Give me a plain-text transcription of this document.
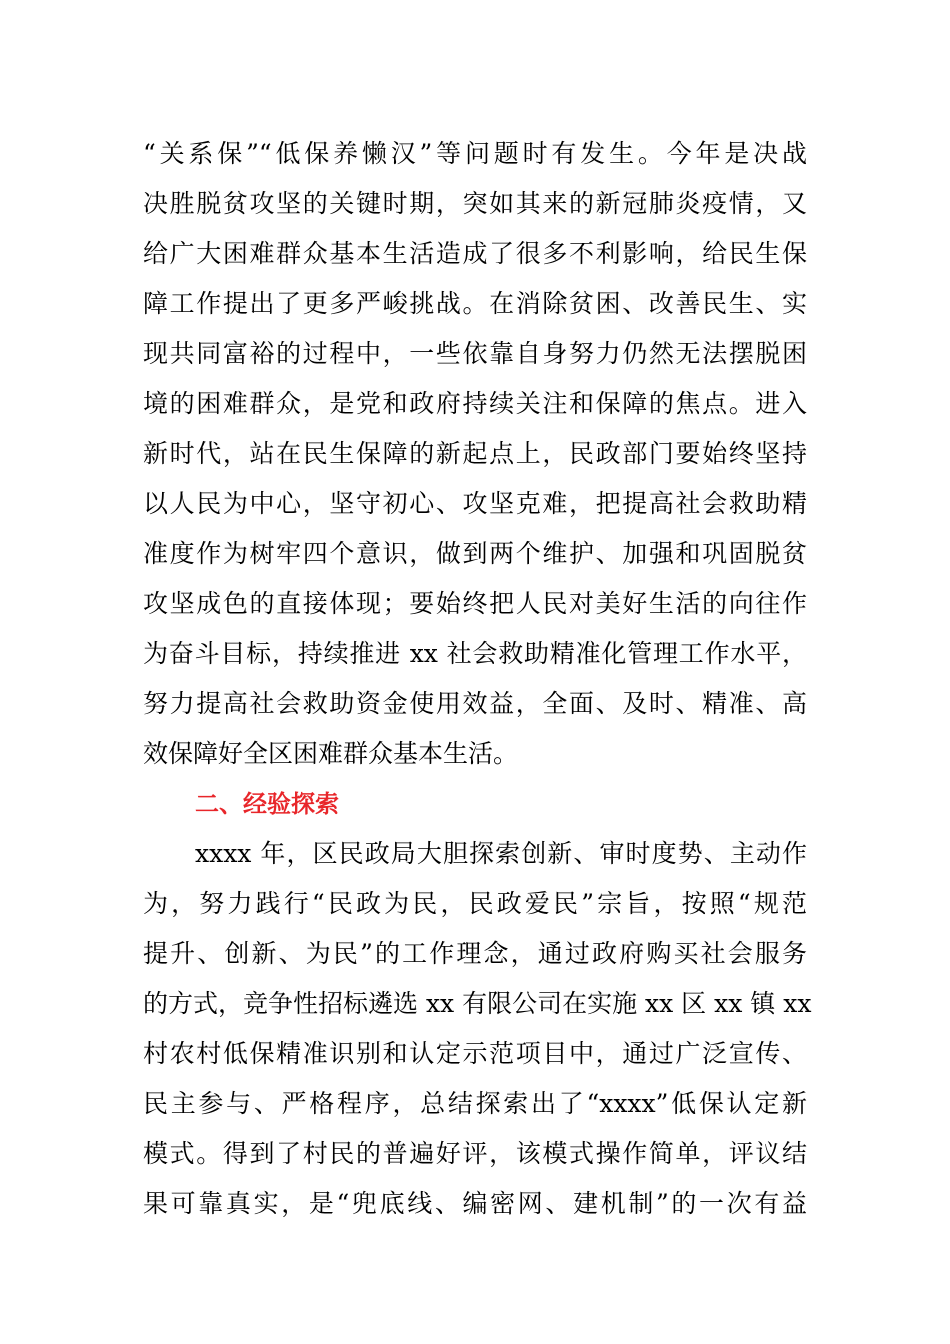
“关系保”“低保养懒汉”等问题时有发生。今年是决战
决胜脱贫攻坚的关键时期，突如其来的新冠肺炎疫情，又
给广大困难群众基本生活造成了很多不利影响，给民生保
障工作提出了更多严峻挑战。在消除贫困、改善民生、实
现共同富裕的过程中，一些依靠自身努力仍然无法摆脱困
境的困难群众，是党和政府持续关注和保障的焦点。进入
新时代，站在民生保障的新起点上，民政部门要始终坚持
以人民为中心，坚守初心、攻坚克难，把提高社会救助精
准度作为树牢四个意识，做到两个维护、加强和巩固脱贫
攻坚成色的直接体现；要始终把人民对美好生活的向往作
为奋斗目标，持续推进 xx 社会救助精准化管理工作水平，
努力提高社会救助资金使用效益，全面、及时、精准、高
效保障好全区困难群众基本生活。
二、经验探索
xxxx 年，区民政局大胆探索创新、审时度势、主动作
为，努力践行“民政为民，民政爱民”宗旨，按照“规范
提升、创新、为民”的工作理念，通过政府购买社会服务
的方式，竞争性招标遴选 xx 有限公司在实施 xx 区 xx 镇 xx
村农村低保精准识别和认定示范项目中，通过广泛宣传、
民主参与、严格程序，总结探索出了“xxxx”低保认定新
模式。得到了村民的普遍好评，该模式操作简单，评议结
果可靠真实，是“兜底线、编密网、建机制”的一次有益
